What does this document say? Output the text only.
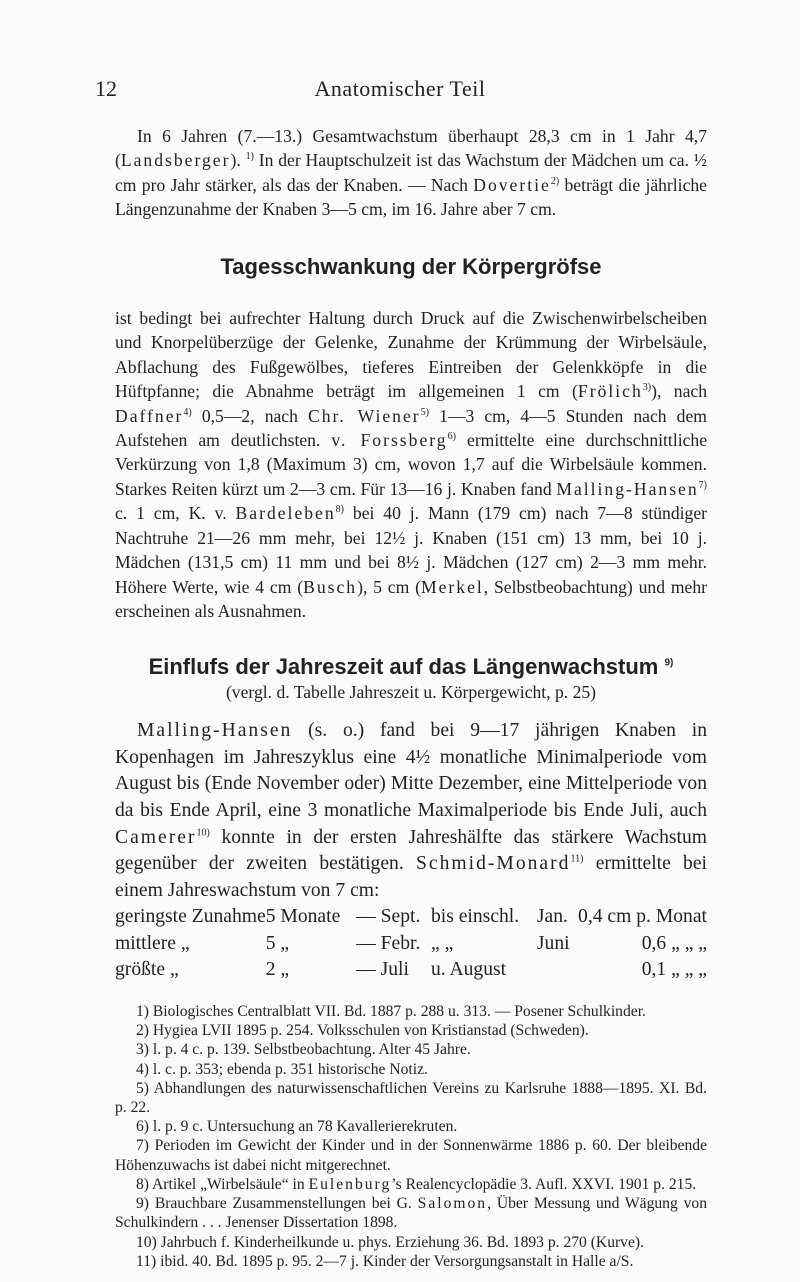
12	Anatomischer Teil

In 6 Jahren (7.—13.) Gesamtwachstum überhaupt 28,3 cm in 1 Jahr 4,7 (Landsberger). $^{1)}$ In der Hauptschulzeit ist das Wachstum der Mädchen um ca. ½ cm pro Jahr stärker, als das der Knaben. — Nach Dovertie$^{2)}$ beträgt die jährliche Längenzunahme der Knaben 3—5 cm, im 16. Jahre aber 7 cm.

Tagesschwankung der Körpergröfse

ist bedingt bei aufrechter Haltung durch Druck auf die Zwischenwirbelscheiben und Knorpelüberzüge der Gelenke, Zunahme der Krümmung der Wirbelsäule, Abflachung des Fußgewölbes, tieferes Eintreiben der Gelenkköpfe in die Hüftpfanne; die Abnahme beträgt im allgemeinen 1 cm (Frölich$^{3)}$), nach Daffner$^{4)}$ 0,5—2, nach Chr. Wiener$^{5)}$ 1—3 cm, 4—5 Stunden nach dem Aufstehen am deutlichsten. v. Forssberg$^{6)}$ ermittelte eine durchschnittliche Verkürzung von 1,8 (Maximum 3) cm, wovon 1,7 auf die Wirbelsäule kommen. Starkes Reiten kürzt um 2—3 cm. Für 13—16 j. Knaben fand Malling-Hansen$^{7)}$ c. 1 cm, K. v. Bardeleben$^{8)}$ bei 40 j. Mann (179 cm) nach 7—8 stündiger Nachtruhe 21—26 mm mehr, bei 12½ j. Knaben (151 cm) 13 mm, bei 10 j. Mädchen (131,5 cm) 11 mm und bei 8½ j. Mädchen (127 cm) 2—3 mm mehr. Höhere Werte, wie 4 cm (Busch), 5 cm (Merkel, Selbstbeobachtung) und mehr erscheinen als Ausnahmen.

Einflufs der Jahreszeit auf das Längenwachstum $^{9)}$

(vergl. d. Tabelle Jahreszeit u. Körpergewicht, p. 25)

Malling-Hansen (s. o.) fand bei 9—17 jährigen Knaben in Kopenhagen im Jahreszyklus eine 4½ monatliche Minimalperiode vom August bis (Ende November oder) Mitte Dezember, eine Mittelperiode von da bis Ende April, eine 3 monatliche Maximalperiode bis Ende Juli, auch Camerer$^{10)}$ konnte in der ersten Jahreshälfte das stärkere Wachstum gegenüber der zweiten bestätigen. Schmid-Monard$^{11)}$ ermittelte bei einem Jahreswachstum von 7 cm:

geringste Zunahme	5 Monate	—	Sept.	bis einschl.	Jan.	0,4 cm p. Monat
mittlere „	5 „	—	Febr.	„ „	Juni	0,6 „ „ „
größte „	2 „	—	Juli	u. August		0,1 „ „ „

1) Biologisches Centralblatt VII. Bd. 1887 p. 288 u. 313. — Posener Schulkinder.

2) Hygiea LVII 1895 p. 254. Volksschulen von Kristianstad (Schweden).

3) l. p. 4 c. p. 139. Selbstbeobachtung. Alter 45 Jahre.

4) l. c. p. 353; ebenda p. 351 historische Notiz.

5) Abhandlungen des naturwissenschaftlichen Vereins zu Karlsruhe 1888—1895. XI. Bd. p. 22.

6) l. p. 9 c. Untersuchung an 78 Kavallerierekruten.

7) Perioden im Gewicht der Kinder und in der Sonnenwärme 1886 p. 60. Der bleibende Höhenzuwachs ist dabei nicht mitgerechnet.

8) Artikel „Wirbelsäule“ in Eulenburg’s Realencyclopädie 3. Aufl. XXVI. 1901 p. 215.

9) Brauchbare Zusammenstellungen bei G. Salomon, Über Messung und Wägung von Schulkindern . . . Jenenser Dissertation 1898.

10) Jahrbuch f. Kinderheilkunde u. phys. Erziehung 36. Bd. 1893 p. 270 (Kurve).

11) ibid. 40. Bd. 1895 p. 95. 2—7 j. Kinder der Versorgungsanstalt in Halle a/S.
